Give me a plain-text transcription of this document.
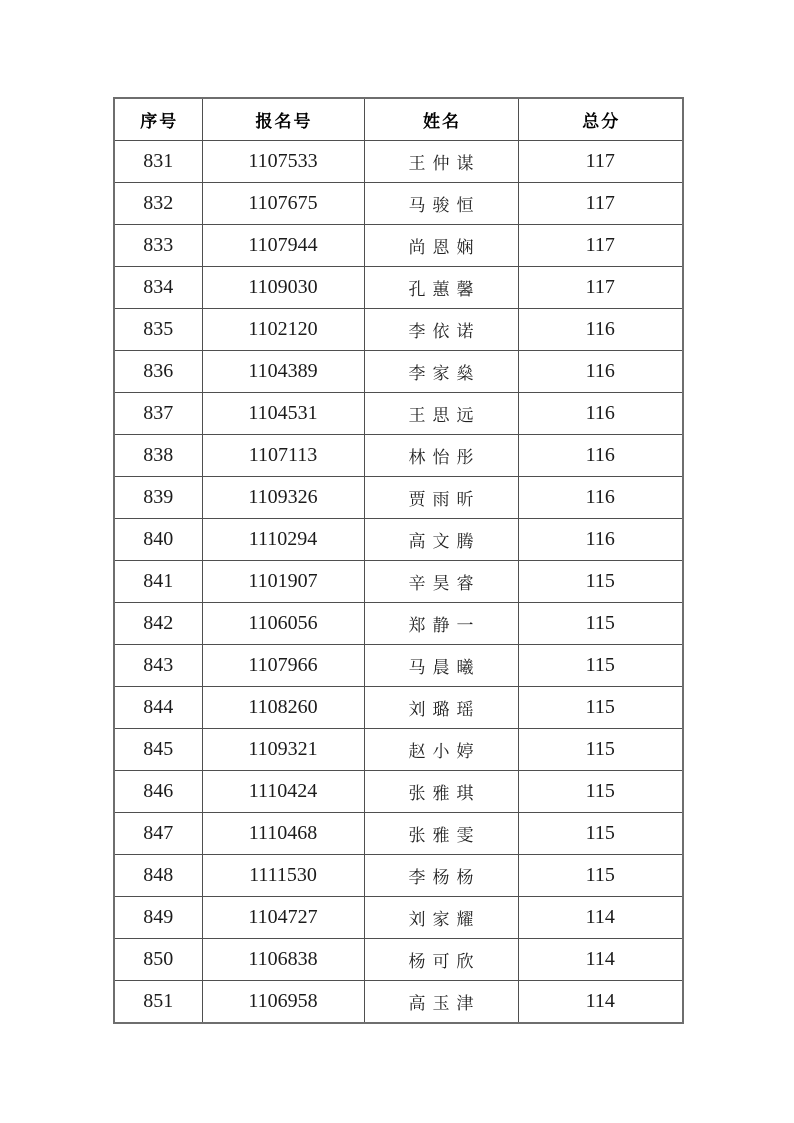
序号	报名号	姓名	总分
831	1107533	王仲谋	117
832	1107675	马骏恒	117
833	1107944	尚恩娴	117
834	1109030	孔蕙馨	117
835	1102120	李依诺	116
836	1104389	李家燊	116
837	1104531	王思远	116
838	1107113	林怡彤	116
839	1109326	贾雨昕	116
840	1110294	高文腾	116
841	1101907	辛昊睿	115
842	1106056	郑静一	115
843	1107966	马晨曦	115
844	1108260	刘璐瑶	115
845	1109321	赵小婷	115
846	1110424	张雅琪	115
847	1110468	张雅雯	115
848	1111530	李杨杨	115
849	1104727	刘家耀	114
850	1106838	杨可欣	114
851	1106958	高玉津	114
